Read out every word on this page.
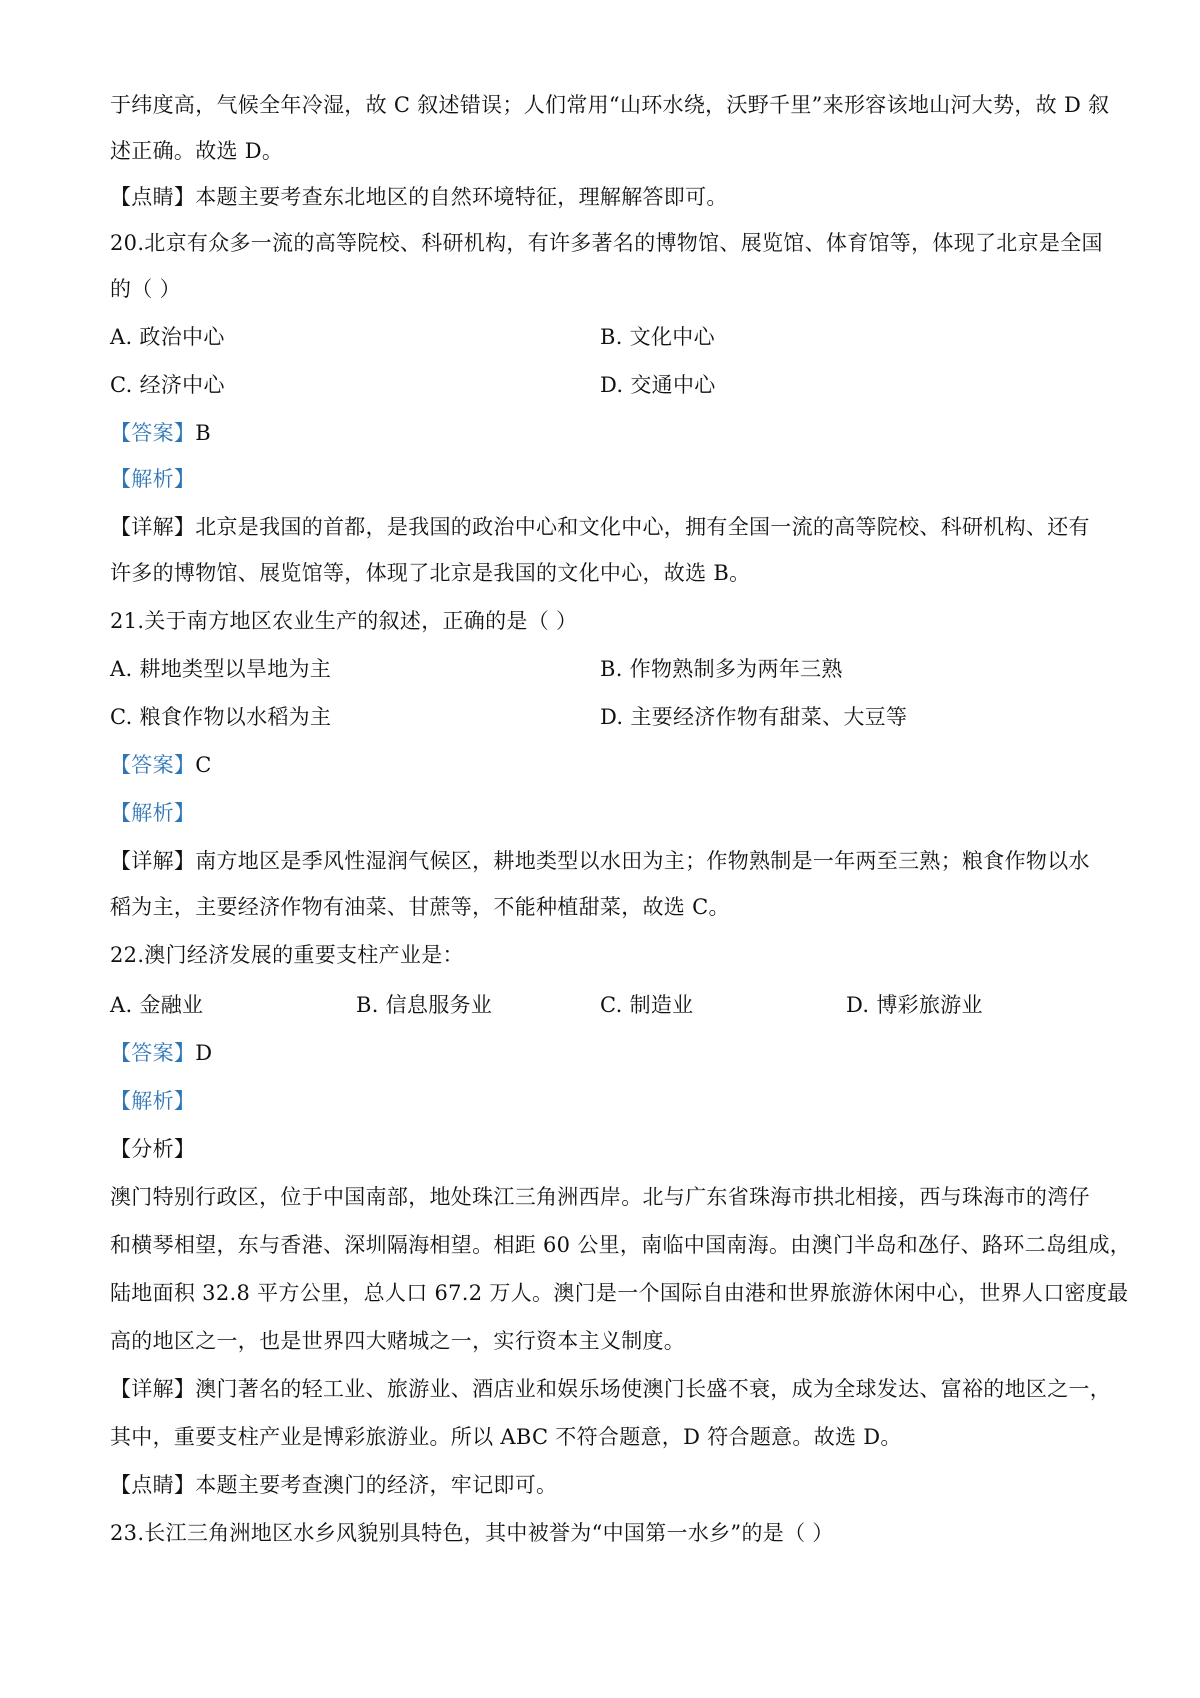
于纬度高，气候全年冷湿，故 C 叙述错误；人们常用“山环水绕，沃野千里”来形容该地山河大势，故 D 叙
述正确。故选 D。
【点睛】本题主要考查东北地区的自然环境特征，理解解答即可。
20.北京有众多一流的高等院校、科研机构，有许多著名的博物馆、展览馆、体育馆等，体现了北京是全国
的（ ）
A. 政治中心	B. 文化中心
C. 经济中心	D. 交通中心
【答案】B
【解析】
【详解】北京是我国的首都，是我国的政治中心和文化中心，拥有全国一流的高等院校、科研机构、还有
许多的博物馆、展览馆等，体现了北京是我国的文化中心，故选 B。
21.关于南方地区农业生产的叙述，正确的是（ ）
A. 耕地类型以旱地为主	B. 作物熟制多为两年三熟
C. 粮食作物以水稻为主	D. 主要经济作物有甜菜、大豆等
【答案】C
【解析】
【详解】南方地区是季风性湿润气候区，耕地类型以水田为主；作物熟制是一年两至三熟；粮食作物以水
稻为主，主要经济作物有油菜、甘蔗等，不能种植甜菜，故选 C。
22.澳门经济发展的重要支柱产业是：
A. 金融业	B. 信息服务业	C. 制造业	D. 博彩旅游业
【答案】D
【解析】
【分析】
澳门特别行政区，位于中国南部，地处珠江三角洲西岸。北与广东省珠海市拱北相接，西与珠海市的湾仔
和横琴相望，东与香港、深圳隔海相望。相距 60 公里，南临中国南海。由澳门半岛和氹仔、路环二岛组成，
陆地面积 32.8 平方公里，总人口 67.2 万人。澳门是一个国际自由港和世界旅游休闲中心，世界人口密度最
高的地区之一，也是世界四大赌城之一，实行资本主义制度。
【详解】澳门著名的轻工业、旅游业、酒店业和娱乐场使澳门长盛不衰，成为全球发达、富裕的地区之一，
其中，重要支柱产业是博彩旅游业。所以 ABC 不符合题意，D 符合题意。故选 D。
【点睛】本题主要考查澳门的经济，牢记即可。
23.长江三角洲地区水乡风貌别具特色，其中被誉为“中国第一水乡”的是（ ）
